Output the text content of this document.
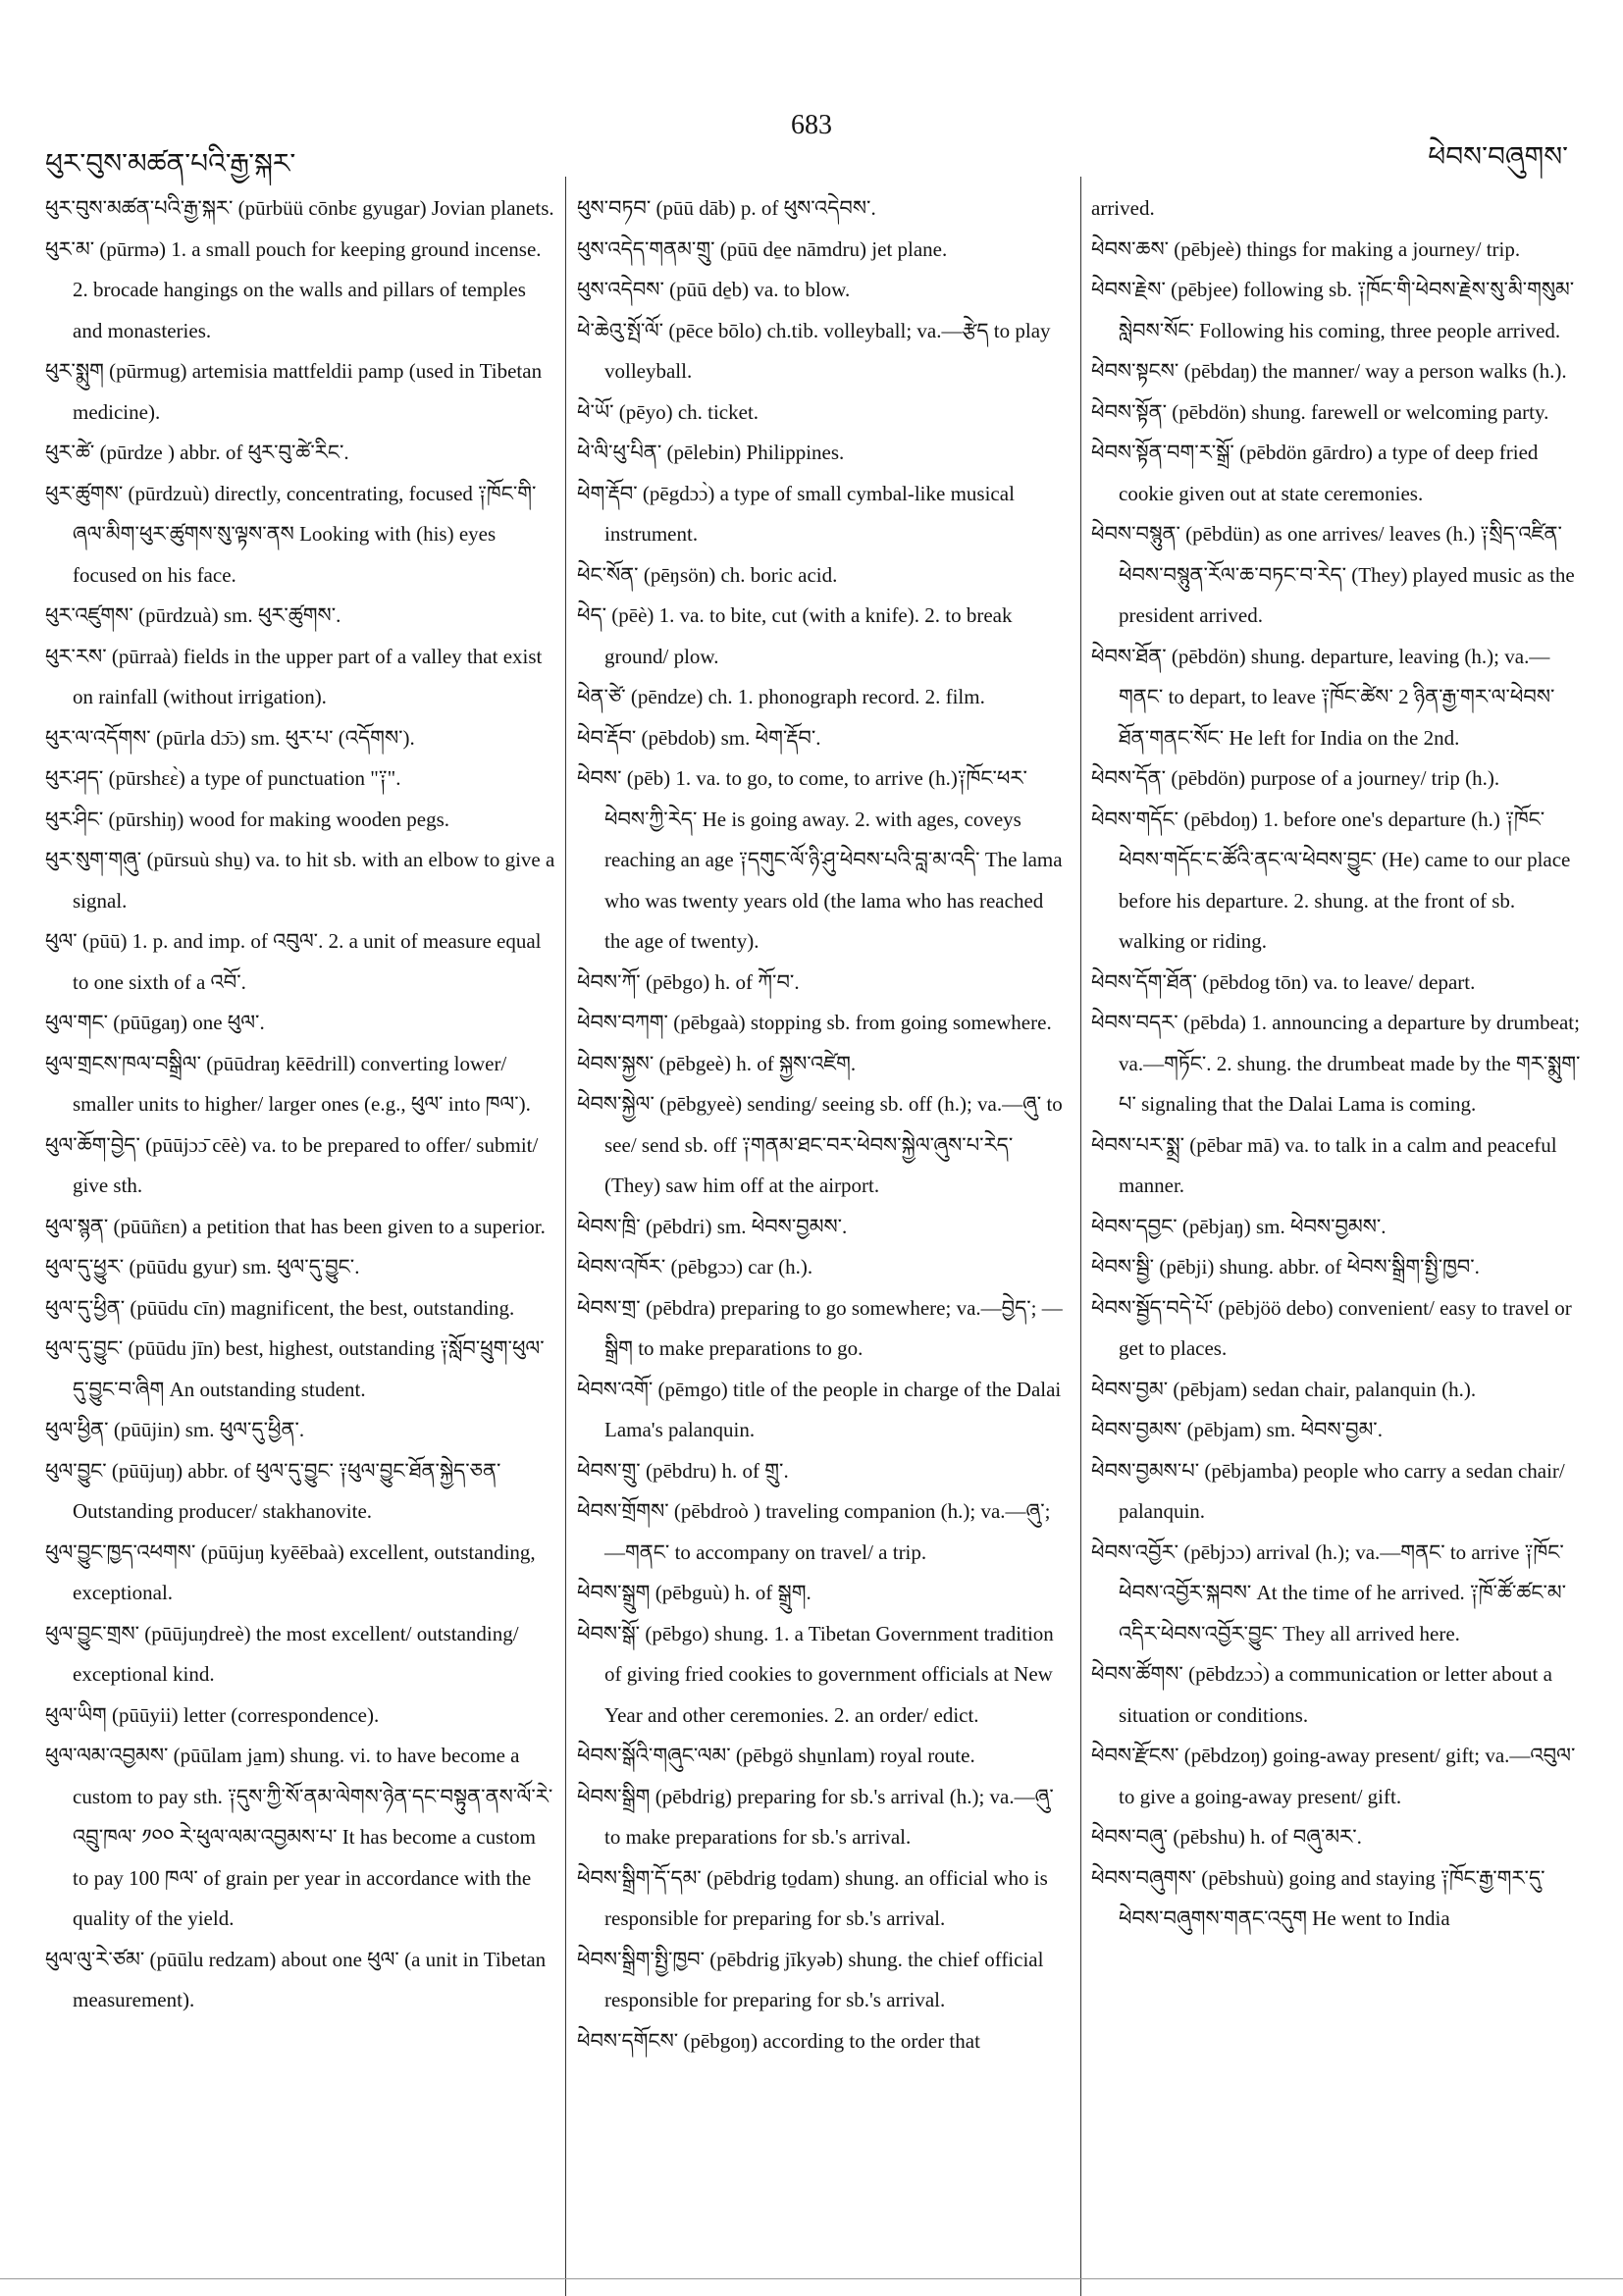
ཕུར་བུས་མཚན་པའི་རྒྱ་སྐར་
683
ཕེབས་བཞུགས་

ཕུར་བུས་མཚན་པའི་རྒྱ་སྐར་ (pūrbüü cōnbɛ gyugar) Jovian planets.

ཕུར་མ་ (pūrmə) 1. a small pouch for keeping ground incense. 2. brocade hangings on the walls and pillars of temples and monasteries.

ཕུར་སྨུག (pūrmug) artemisia mattfeldii pamp (used in Tibetan medicine).

ཕུར་ཚེ་ (pūrdze ) abbr. of ཕུར་བུ་ཚེ་རིང་.

ཕུར་ཚུགས་ (pūrdzuù) directly, concentrating, focused ༑ཁོང་གི་ཞལ་མིག་ཕུར་ཚུགས་སུ་ལྟས་ནས Looking with (his) eyes focused on his face.

ཕུར་འཛུགས་ (pūrdzuà) sm. ཕུར་ཚུགས་.

ཕུར་རས་ (pūrraà) fields in the upper part of a valley that exist on rainfall (without irrigation).

ཕུར་ལ་འདོགས་ (pūrla dɔ̄ɔ) sm. ཕུར་པ་ (འདོགས་).

ཕུར་ཤད་ (pūrshɛɛ̀) a type of punctuation "༑".

ཕུར་ཤིང་ (pūrshiŋ) wood for making wooden pegs.

ཕུར་སུག་གཞུ་ (pūrsuù shu̱) va. to hit sb. with an elbow to give a signal.

ཕུལ་ (pūū) 1. p. and imp. of འབུལ་. 2. a unit of measure equal to one sixth of a འབོ་.

ཕུལ་གང་ (pūūgaŋ) one ཕུལ་.

ཕུལ་གྲངས་ཁལ་བསྒྲིལ་ (pūūdraŋ kēēdrill) converting lower/ smaller units to higher/ larger ones (e.g., ཕུལ་ into ཁལ་).

ཕུལ་ཆོག་བྱེད་ (pūūjɔɔ̄ cēè) va. to be prepared to offer/ submit/ give sth.

ཕུལ་སྙན་ (pūūñɛn) a petition that has been given to a superior.

ཕུལ་དུ་ཕྱུར་ (pūūdu gyur) sm. ཕུལ་དུ་བྱུང་.

ཕུལ་དུ་ཕྱིན་ (pūūdu cīn) magnificent, the best, outstanding.

ཕུལ་དུ་བྱུང་ (pūūdu jīn) best, highest, outstanding ༑སློབ་ཕྲུག་ཕུལ་དུ་བྱུང་བ་ཞིག An outstanding student.

ཕུལ་ཕྱིན་ (pūūjin) sm. ཕུལ་དུ་ཕྱིན་.

ཕུལ་བྱུང་ (pūūjuŋ) abbr. of ཕུལ་དུ་བྱུང་ ༑ཕུལ་བྱུང་ཐོན་སྐྱེད་ཅན་ Outstanding producer/ stakhanovite.

ཕུལ་བྱུང་ཁྱད་འཕགས་ (pūūjuŋ kyēēbaà) excellent, outstanding, exceptional.

ཕུལ་བྱུང་གྲས་ (pūūjuŋdreè) the most excellent/ outstanding/ exceptional kind.

ཕུལ་ཡིག (pūūyii) letter (correspondence).

ཕུལ་ལམ་འབྱམས་ (pūūlam ja̱m) shung. vi. to have become a custom to pay sth. ༑དུས་ཀྱི་སོ་ནམ་ལེགས་ཉེན་དང་བསྟུན་ནས་ལོ་རེ་འབྲུ་ཁལ་ ༡༠༠ རེ་ཕུལ་ལམ་འབྱམས་པ་ It has become a custom to pay 100 ཁལ་ of grain per year in accordance with the quality of the yield.

ཕུལ་ལུ་རེ་ཙམ་ (pūūlu redzam) about one ཕུལ་ (a unit in Tibetan measurement).

ཕུས་བཏབ་ (pūū dāb) p. of ཕུས་འདེབས་.

ཕུས་འདེད་གནམ་གྲུ་ (pūū de̱e nāmdru) jet plane.

ཕུས་འདེབས་ (pūū de̱b) va. to blow.

ཕེ་ཆེའུ་སྤོ་ལོ་ (pēce bōlo) ch.tib. volleyball; va.—རྩེད to play volleyball.

ཕེ་ཡོ་ (pēyo) ch. ticket.

ཕེ་ལི་ཕུ་པིན་ (pēlebin) Philippines.

ཕེག་རྡོབ་ (pēgdɔɔ̀) a type of small cymbal-like musical instrument.

ཕེང་སོན་ (pēŋsön) ch. boric acid.

ཕེད་ (pēè) 1. va. to bite, cut (with a knife). 2. to break ground/ plow.

ཕེན་ཙེ་ (pēndze) ch. 1. phonograph record. 2. film.

ཕེབ་རྡོབ་ (pēbdob) sm. ཕེག་རྡོབ་.

ཕེབས་ (pēb) 1. va. to go, to come, to arrive (h.)༑ཁོང་ཕར་ཕེབས་ཀྱི་རེད་ He is going away. 2. with ages, coveys reaching an age ༑དགུང་ལོ་ཉི་ཤུ་ཕེབས་པའི་བླ་མ་འདི་ The lama who was twenty years old (the lama who has reached the age of twenty).

ཕེབས་ཀོ་ (pēbgo) h. of ཀོ་བ་.

ཕེབས་བཀག་ (pēbgaà) stopping sb. from going somewhere.

ཕེབས་སྐྱས་ (pēbgeè) h. of སྐྱས་འཛེག.

ཕེབས་སྐྱེལ་ (pēbgyeè) sending/ seeing sb. off (h.); va.—ཞུ་ to see/ send sb. off ༑གནམ་ཐང་བར་ཕེབས་སྐྱེལ་ཞུས་པ་རེད་ (They) saw him off at the airport.

ཕེབས་ཁྲི་ (pēbdri) sm. ཕེབས་བྱམས་.

ཕེབས་འཁོར་ (pēbgɔɔ) car (h.).

ཕེབས་གྲ་ (pēbdra) preparing to go somewhere; va.—བྱེད་; —སྒྲིག to make preparations to go.

ཕེབས་འགོ་ (pēmgo) title of the people in charge of the Dalai Lama's palanquin.

ཕེབས་གྲུ་ (pēbdru) h. of གྲུ་.

ཕེབས་གྲོགས་ (pēbdroò ) traveling companion (h.); va.—ཞུ་; —གནང་ to accompany on travel/ a trip.

ཕེབས་སྒྲུག (pēbguù) h. of སྒྲུག.

ཕེབས་སྒོ་ (pēbgo) shung. 1. a Tibetan Government tradition of giving fried cookies to government officials at New Year and other ceremonies. 2. an order/ edict.

ཕེབས་སྒོའི་གཞུང་ལམ་ (pēbgö shu̱nlam) royal route.

ཕེབས་སྒྲིག (pēbdrig) preparing for sb.'s arrival (h.); va.—ཞུ་ to make preparations for sb.'s arrival.

ཕེབས་སྒྲིག་དོ་དམ་ (pēbdrig to̱dam) shung. an official who is responsible for preparing for sb.'s arrival.

ཕེབས་སྒྲིག་སྤྱི་ཁྱབ་ (pēbdrig jīkyəb) shung. the chief official responsible for preparing for sb.'s arrival.

ཕེབས་དགོངས་ (pēbgoŋ) according to the order that

arrived.

ཕེབས་ཆས་ (pēbjeè) things for making a journey/ trip.

ཕེབས་རྗེས་ (pēbjee) following sb. ༑ཁོང་གི་ཕེབས་རྗེས་སུ་མི་གསུམ་སླེབས་སོང་ Following his coming, three people arrived.

ཕེབས་སྟངས་ (pēbdaŋ) the manner/ way a person walks (h.).

ཕེབས་སྟོན་ (pēbdön) shung. farewell or welcoming party.

ཕེབས་སྟོན་བག་ར་སྒྲོ་ (pēbdön gārdro) a type of deep fried cookie given out at state ceremonies.

ཕེབས་བསྙུན་ (pēbdün) as one arrives/ leaves (h.) ༑སྲིད་འཛིན་ཕེབས་བསྙུན་རོལ་ཆ་བཏང་བ་རེད་ (They) played music as the president arrived.

ཕེབས་ཐོན་ (pēbdön) shung. departure, leaving (h.); va.—གནང་ to depart, to leave ༑ཁོང་ཚེས་ 2 ཉིན་རྒྱ་གར་ལ་ཕེབས་ཐོན་གནང་སོང་ He left for India on the 2nd.

ཕེབས་དོན་ (pēbdön) purpose of a journey/ trip (h.).

ཕེབས་གདོང་ (pēbdoŋ) 1. before one's departure (h.) ༑ཁོང་ཕེབས་གདོང་ང་ཚོའི་ནང་ལ་ཕེབས་བྱུང་ (He) came to our place before his departure. 2. shung. at the front of sb. walking or riding.

ཕེབས་དོག་ཐོན་ (pēbdog tōn) va. to leave/ depart.

ཕེབས་བདར་ (pēbda) 1. announcing a departure by drumbeat; va.—གཏོང་. 2. shung. the drumbeat made by the གར་སྨུག་པ་ signaling that the Dalai Lama is coming.

ཕེབས་པར་སྨྲ་ (pēbar mā) va. to talk in a calm and peaceful manner.

ཕེབས་དབྱང་ (pēbjaŋ) sm. ཕེབས་བྱམས་.

ཕེབས་སྦྱི་ (pēbji) shung. abbr. of ཕེབས་སྒྲིག་སྤྱི་ཁྱབ་.

ཕེབས་སྦྱོད་བདེ་པོ་ (pēbjöö debo) convenient/ easy to travel or get to places.

ཕེབས་བྱམ་ (pēbjam) sedan chair, palanquin (h.).

ཕེབས་བྱམས་ (pēbjam) sm. ཕེབས་བྱམ་.

ཕེབས་བྱམས་པ་ (pēbjamba) people who carry a sedan chair/ palanquin.

ཕེབས་འབྱོར་ (pēbjɔɔ) arrival (h.); va.—གནང་ to arrive ༑ཁོང་ཕེབས་འབྱོར་སྐབས་ At the time of he arrived. ༑ཁོ་ཚོ་ཚང་མ་འདིར་ཕེབས་འབྱོར་བྱུང་ They all arrived here.

ཕེབས་ཚོགས་ (pēbdzɔɔ̀) a communication or letter about a situation or conditions.

ཕེབས་རྫོངས་ (pēbdzoŋ) going-away present/ gift; va.—འབུལ་ to give a going-away present/ gift.

ཕེབས་བཞུ་ (pēbshu) h. of བཞུ་མར་.

ཕེབས་བཞུགས་ (pēbshuù) going and staying ༑ཁོང་རྒྱ་གར་དུ་ཕེབས་བཞུགས་གནང་འདུག He went to India
